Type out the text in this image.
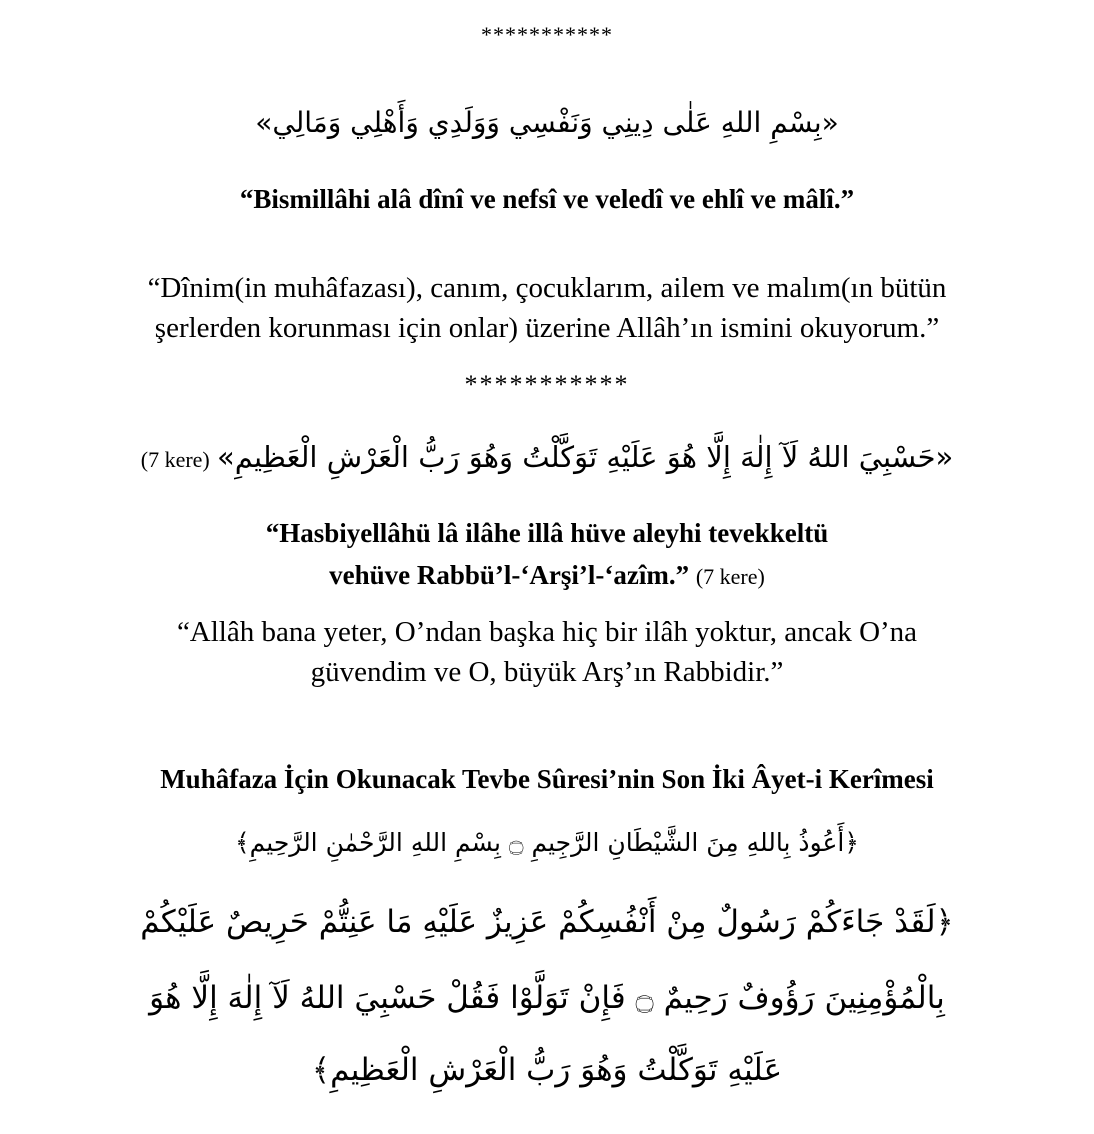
***********
«بِسْمِ اللهِ عَلٰى دِينِي وَنَفْسِي وَوَلَدِي وَأَهْلِي وَمَالِي»
“Bismillâhi alâ dînî ve nefsî ve veledî ve ehlî ve mâlî.”
“Dînim(in muhâfazası), canım, çocuklarım, ailem ve malım(ın bütün
şerlerden korunması için onlar) üzerine Allâh’ın ismini okuyorum.”
***********
(7 kere) «حَسْبِيَ اللهُ لَآ إِلٰهَ إِلَّا هُوَ عَلَيْهِ تَوَكَّلْتُ وَهُوَ رَبُّ الْعَرْشِ الْعَظِيمِ»
“Hasbiyellâhü lâ ilâhe illâ hüve aleyhi tevekkeltü
vehüve Rabbü’l-‘Arşi’l-‘azîm.” (7 kere)
“Allâh bana yeter, O’ndan başka hiç bir ilâh yoktur, ancak O’na
güvendim ve O, büyük Arş’ın Rabbidir.”
Muhâfaza İçin Okunacak Tevbe Sûresi’nin Son İki Âyet-i Kerîmesi
﴿أَعُوذُ بِاللهِ مِنَ الشَّيْطَانِ الرَّجِيمِ ۝ بِسْمِ اللهِ الرَّحْمٰنِ الرَّحِيمِ﴾
﴿لَقَدْ جَاءَكُمْ رَسُولٌ مِنْ أَنْفُسِكُمْ عَزِيزٌ عَلَيْهِ مَا عَنِتُّمْ حَرِيصٌ عَلَيْكُمْ
بِالْمُؤْمِنِينَ رَؤُوفٌ رَحِيمٌ ۝ فَإِنْ تَوَلَّوْا فَقُلْ حَسْبِيَ اللهُ لَآ إِلٰهَ إِلَّا هُوَ
عَلَيْهِ تَوَكَّلْتُ وَهُوَ رَبُّ الْعَرْشِ الْعَظِيمِ﴾
